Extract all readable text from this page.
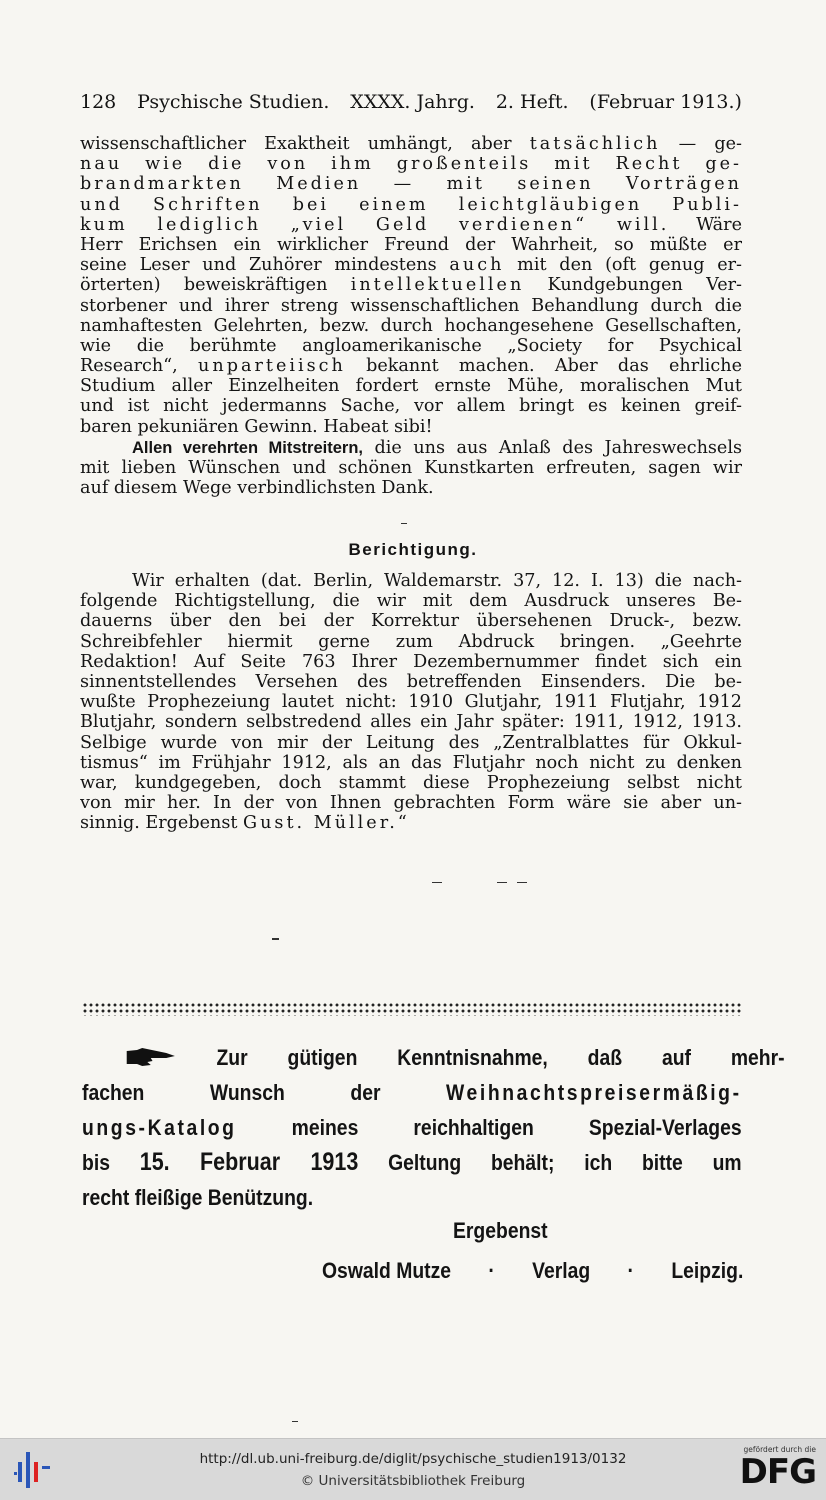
128 Psychische Studien. XXXX. Jahrg. 2. Heft. (Februar 1913.)
wissenschaftlicher Exaktheit umhängt, aber tatsächlich — ge-
nau wie die von ihm großenteils mit Recht ge-
brandmarkten Medien — mit seinen Vorträgen
und Schriften bei einem leichtgläubigen Publi-
kum lediglich „viel Geld verdienen“ will. Wäre
Herr Erichsen ein wirklicher Freund der Wahrheit, so müßte er
seine Leser und Zuhörer mindestens auch mit den (oft genug er-
örterten) beweiskräftigen intellektuellen Kundgebungen Ver-
storbener und ihrer streng wissenschaftlichen Behandlung durch die
namhaftesten Gelehrten, bezw. durch hochangesehene Gesellschaften,
wie die berühmte angloamerikanische „Society for Psychical
Research“, unparteiisch bekannt machen. Aber das ehrliche
Studium aller Einzelheiten fordert ernste Mühe, moralischen Mut
und ist nicht jedermanns Sache, vor allem bringt es keinen greif-
baren pekuniären Gewinn. Habeat sibi!
Allen verehrten Mitstreitern, die uns aus Anlaß des Jahreswechsels
mit lieben Wünschen und schönen Kunstkarten erfreuten, sagen wir
auf diesem Wege verbindlichsten Dank.
Berichtigung.
Wir erhalten (dat. Berlin, Waldemarstr. 37, 12. I. 13) die nach-
folgende Richtigstellung, die wir mit dem Ausdruck unseres Be-
dauerns über den bei der Korrektur übersehenen Druck-, bezw.
Schreibfehler hiermit gerne zum Abdruck bringen. „Geehrte
Redaktion! Auf Seite 763 Ihrer Dezembernummer findet sich ein
sinnentstellendes Versehen des betreffenden Einsenders. Die be-
wußte Prophezeiung lautet nicht: 1910 Glutjahr, 1911 Flutjahr, 1912
Blutjahr, sondern selbstredend alles ein Jahr später: 1911, 1912, 1913.
Selbige wurde von mir der Leitung des „Zentralblattes für Okkul-
tismus“ im Frühjahr 1912, als an das Flutjahr noch nicht zu denken
war, kundgegeben, doch stammt diese Prophezeiung selbst nicht
von mir her. In der von Ihnen gebrachten Form wäre sie aber un-
sinnig. Ergebenst Gust. Müller.“
Zur gütigen Kenntnisnahme, daß auf mehr-
fachen Wunsch der Weihnachtspreisermäßig-
ungs-Katalog meines reichhaltigen Spezial-Verlages
bis 15. Februar 1913 Geltung behält; ich bitte um
recht fleißige Benützung.
Ergebenst
Oswald Mutze · Verlag · Leipzig.
http://dl.ub.uni-freiburg.de/diglit/psychische_studien1913/0132
© Universitätsbibliothek Freiburg
gefördert durch die
DFG
